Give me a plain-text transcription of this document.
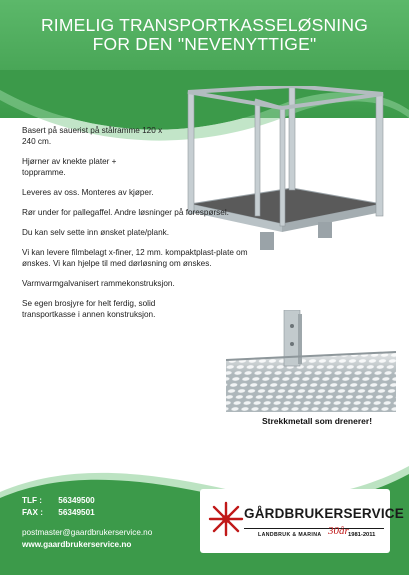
RIMELIG TRANSPORTKASSELØSNING
FOR DEN "NEVENYTTIGE"

Basert på sauerist på stålramme 120 x 240 cm.

Hjørner av knekte plater + toppramme.

Leveres av oss. Monteres av kjøper.

Rør under for pallegaffel. Andre løsninger på forespørsel.

Du kan selv sette inn ønsket plate/plank.

Vi kan levere filmbelagt x-finer, 12 mm. kompaktplast-plate om ønskes. Vi kan hjelpe til med dørløsning om ønskes.

Varmvarmgalvanisert rammekonstruksjon.

Se egen brosjyre for helt ferdig, solid transportkasse i annen konstruksjon.

Strekkmetall som drenerer!
TLF : 56349500
FAX : 56349501
postmaster@gaardbrukerservice.no
www.gaardbrukerservice.no
GÅRDBRUKERSERVICE
LANDBRUK & MARINA 30år 1981-2011
